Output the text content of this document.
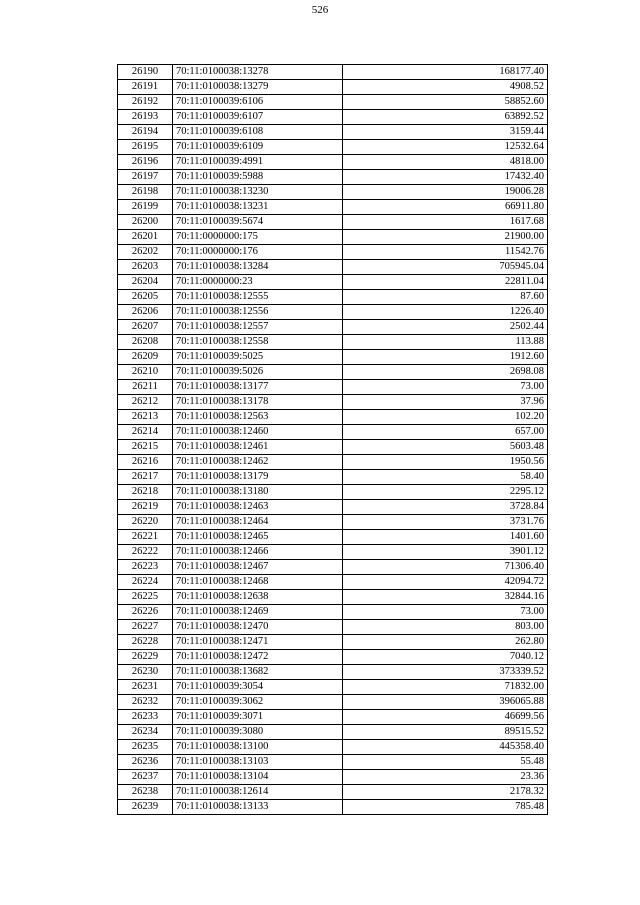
526
26190	70:11:0100038:13278	168177.40
26191	70:11:0100038:13279	4908.52
26192	70:11:0100039:6106	58852.60
26193	70:11:0100039:6107	63892.52
26194	70:11:0100039:6108	3159.44
26195	70:11:0100039:6109	12532.64
26196	70:11:0100039:4991	4818.00
26197	70:11:0100039:5988	17432.40
26198	70:11:0100038:13230	19006.28
26199	70:11:0100038:13231	66911.80
26200	70:11:0100039:5674	1617.68
26201	70:11:0000000:175	21900.00
26202	70:11:0000000:176	11542.76
26203	70:11:0100038:13284	705945.04
26204	70:11:0000000:23	22811.04
26205	70:11:0100038:12555	87.60
26206	70:11:0100038:12556	1226.40
26207	70:11:0100038:12557	2502.44
26208	70:11:0100038:12558	113.88
26209	70:11:0100039:5025	1912.60
26210	70:11:0100039:5026	2698.08
26211	70:11:0100038:13177	73.00
26212	70:11:0100038:13178	37.96
26213	70:11:0100038:12563	102.20
26214	70:11:0100038:12460	657.00
26215	70:11:0100038:12461	5603.48
26216	70:11:0100038:12462	1950.56
26217	70:11:0100038:13179	58.40
26218	70:11:0100038:13180	2295.12
26219	70:11:0100038:12463	3728.84
26220	70:11:0100038:12464	3731.76
26221	70:11:0100038:12465	1401.60
26222	70:11:0100038:12466	3901.12
26223	70:11:0100038:12467	71306.40
26224	70:11:0100038:12468	42094.72
26225	70:11:0100038:12638	32844.16
26226	70:11:0100038:12469	73.00
26227	70:11:0100038:12470	803.00
26228	70:11:0100038:12471	262.80
26229	70:11:0100038:12472	7040.12
26230	70:11:0100038:13682	373339.52
26231	70:11:0100039:3054	71832.00
26232	70:11:0100039:3062	396065.88
26233	70:11:0100039:3071	46699.56
26234	70:11:0100039:3080	89515.52
26235	70:11:0100038:13100	445358.40
26236	70:11:0100038:13103	55.48
26237	70:11:0100038:13104	23.36
26238	70:11:0100038:12614	2178.32
26239	70:11:0100038:13133	785.48
